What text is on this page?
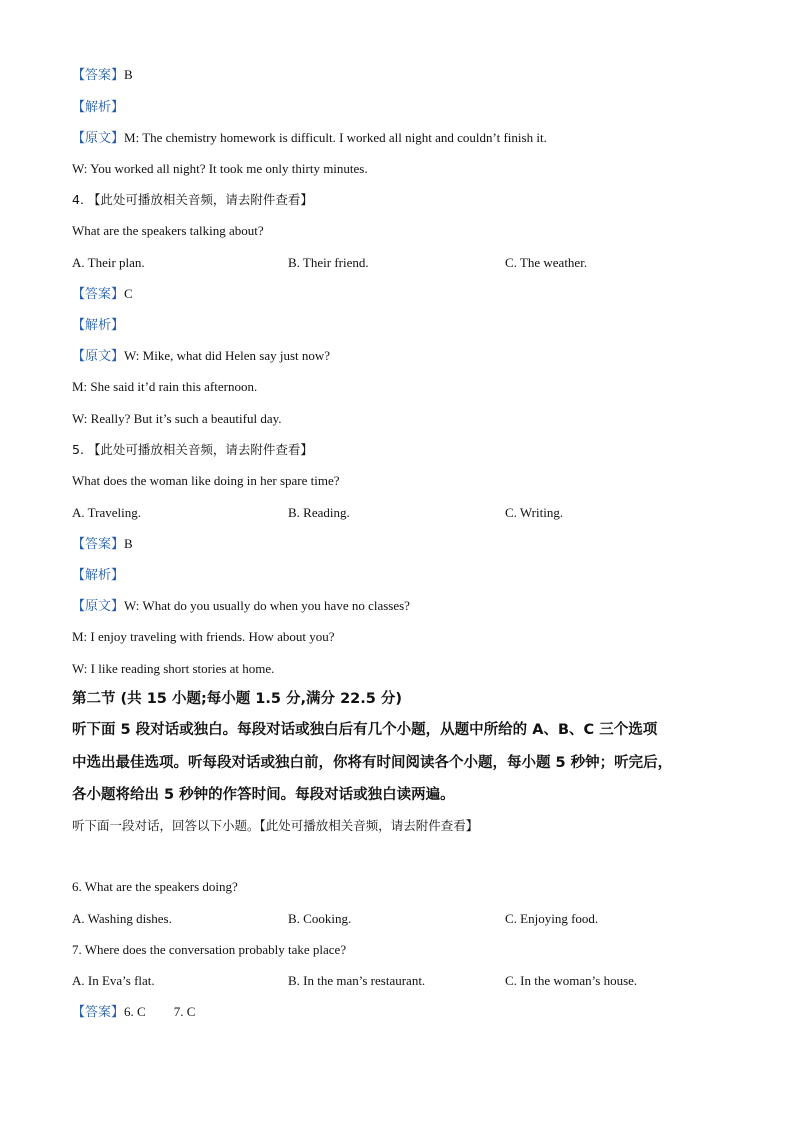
【答案】B
【解析】
【原文】M: The chemistry homework is difficult. I worked all night and couldn’t finish it.
W: You worked all night? It took me only thirty minutes.
4. 【此处可播放相关音频，请去附件查看】
What are the speakers talking about?
A. Their plan.	B. Their friend.	C. The weather.
【答案】C
【解析】
【原文】W: Mike, what did Helen say just now?
M: She said it’d rain this afternoon.
W: Really? But it’s such a beautiful day.
5. 【此处可播放相关音频，请去附件查看】
What does the woman like doing in her spare time?
A. Traveling.	B. Reading.	C. Writing.
【答案】B
【解析】
【原文】W: What do you usually do when you have no classes?
M: I enjoy traveling with friends. How about you?
W: I like reading short stories at home.
第二节 (共 15 小题;每小题 1.5 分,满分 22.5 分)
听下面 5 段对话或独白。每段对话或独白后有几个小题，从题中所给的 A、B、C 三个选项
中选出最佳选项。听每段对话或独白前，你将有时间阅读各个小题，每小题 5 秒钟；听完后，
各小题将给出 5 秒钟的作答时间。每段对话或独白读两遍。
听下面一段对话，回答以下小题。【此处可播放相关音频，请去附件查看】
6. What are the speakers doing?
A. Washing dishes.	B. Cooking.	C. Enjoying food.
7. Where does the conversation probably take place?
A. In Eva’s flat.	B. In the man’s restaurant.	C. In the woman’s house.
【答案】6. C 7. C
